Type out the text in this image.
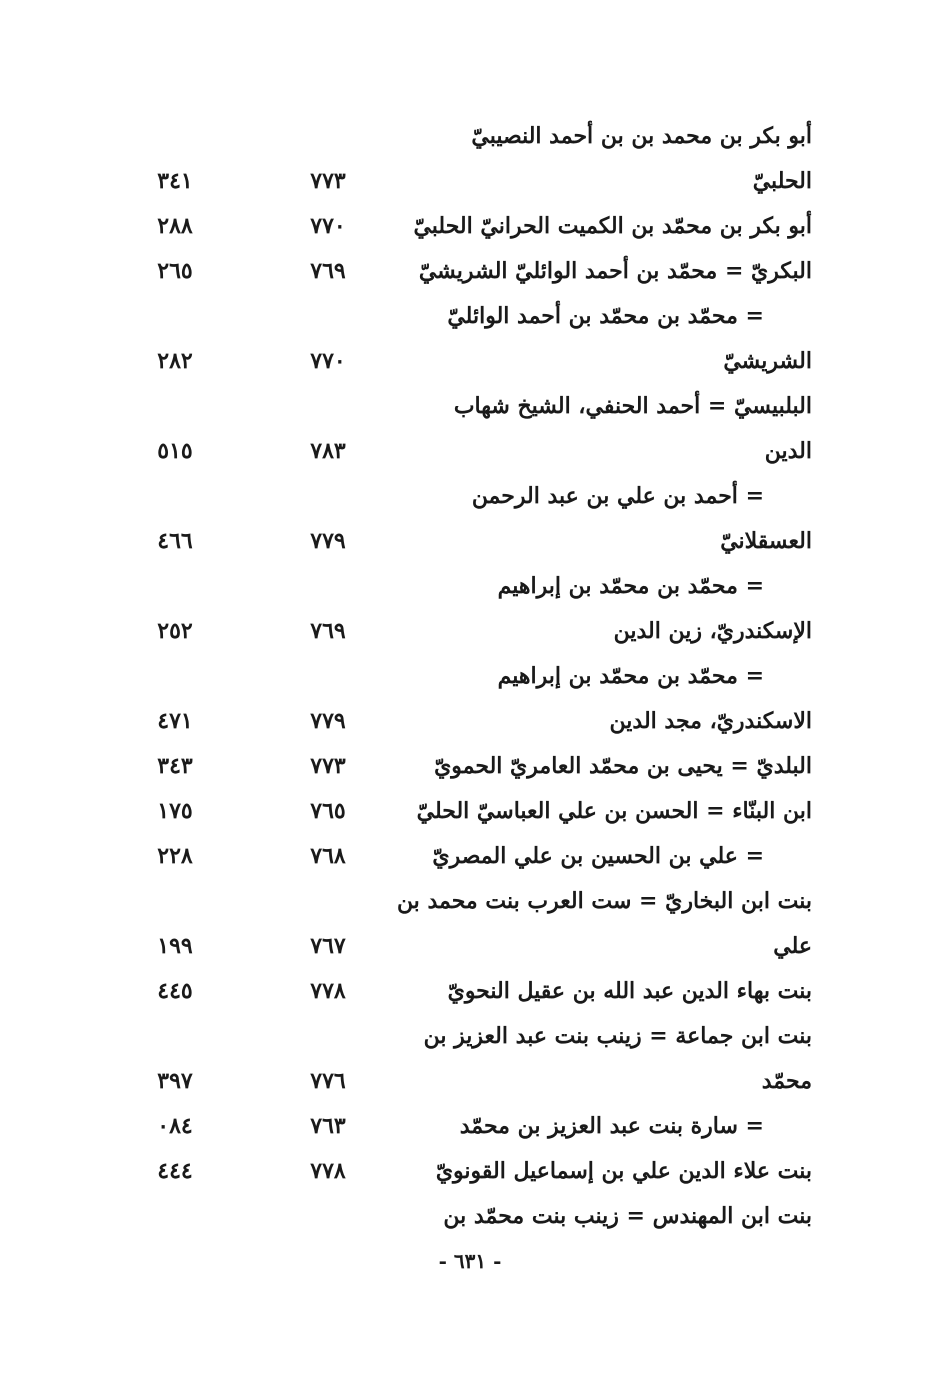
أبو بكر بن محمد بن بن أحمد النصيبيّ
الحلبيّ
٧٧٣
٣٤١
أبو بكر بن محمّد بن الكميت الحرانيّ الحلبيّ
٧٧٠
٢٨٨
البكريّ = محمّد بن أحمد الوائليّ الشريشيّ
٧٦٩
٢٦٥
= محمّد بن محمّد بن أحمد الوائليّ
الشريشيّ
٧٧٠
٢٨٢
البلبيسيّ = أحمد الحنفي، الشيخ شهاب
الدين
٧٨٣
٥١٥
= أحمد بن علي بن عبد الرحمن
العسقلانيّ
٧٧٩
٤٦٦
= محمّد بن محمّد بن إبراهيم
الإسكندريّ، زين الدين
٧٦٩
٢٥٢
= محمّد بن محمّد بن إبراهيم
الاسكندريّ، مجد الدين
٧٧٩
٤٧١
البلديّ = يحيى بن محمّد العامريّ الحمويّ
٧٧٣
٣٤٣
ابن البنّاء = الحسن بن علي العباسيّ الحليّ
٧٦٥
١٧٥
= علي بن الحسين بن علي المصريّ
٧٦٨
٢٢٨
بنت ابن البخاريّ = ست العرب بنت محمد بن
علي
٧٦٧
١٩٩
بنت بهاء الدين عبد الله بن عقيل النحويّ
٧٧٨
٤٤٥
بنت ابن جماعة = زينب بنت عبد العزيز بن
محمّد
٧٧٦
٣٩٧
= سارة بنت عبد العزيز بن محمّد
٧٦٣
٠٨٤
بنت علاء الدين علي بن إسماعيل القونويّ
٧٧٨
٤٤٤
بنت ابن المهندس = زينب بنت محمّد بن
- ٦٣١ -
